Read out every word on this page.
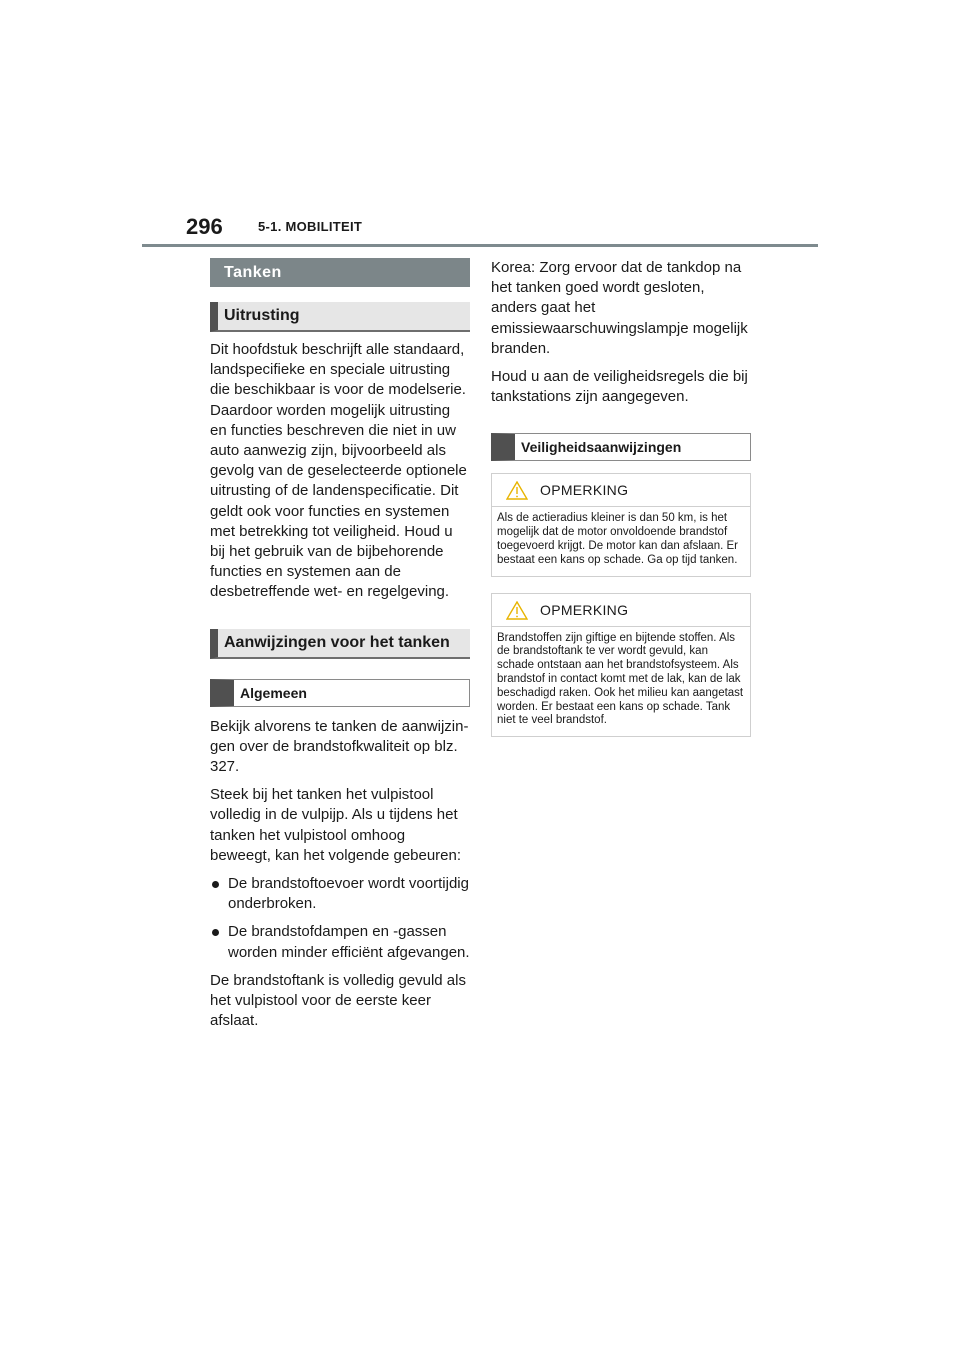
296	5-1. MOBILITEIT
Tanken
Uitrusting

Dit hoofdstuk beschrijft alle standaard, landspecifieke en speciale uitrusting die beschikbaar is voor de modelserie. Daardoor worden mogelijk uitrusting en functies beschreven die niet in uw auto aanwezig zijn, bijvoorbeeld als gevolg van de geselecteerde optionele uitrusting of de landenspecificatie. Dit geldt ook voor functies en systemen met betrekking tot veiligheid. Houd u bij het gebruik van de bijbehorende functies en systemen aan de desbetreffende wet- en regelgeving.

Aanwijzingen voor het tanken
Algemeen

Bekijk alvorens te tanken de aanwijzingen over de brandstofkwaliteit op blz. 327.

Steek bij het tanken het vulpistool volledig in de vulpijp. Als u tijdens het tanken het vulpistool omhoog beweegt, kan het volgende gebeuren:

De brandstoftoevoer wordt voortijdig onderbroken.
De brandstofdampen en -gassen worden minder efficiënt afgevangen.

De brandstoftank is volledig gevuld als het vulpistool voor de eerste keer afslaat.

Korea: Zorg ervoor dat de tankdop na het tanken goed wordt gesloten, anders gaat het emissiewaarschuwingslampje mogelijk branden.

Houd u aan de veiligheidsregels die bij tankstations zijn aangegeven.

Veiligheidsaanwijzingen
OPMERKING
Als de actieradius kleiner is dan 50 km, is het mogelijk dat de motor onvoldoende brandstof toegevoerd krijgt. De motor kan dan afslaan. Er bestaat een kans op schade. Ga op tijd tanken.
OPMERKING
Brandstoffen zijn giftige en bijtende stoffen. Als de brandstoftank te ver wordt gevuld, kan schade ontstaan aan het brandstofsysteem. Als brandstof in contact komt met de lak, kan de lak beschadigd raken. Ook het milieu kan aangetast worden. Er bestaat een kans op schade. Tank niet te veel brandstof.
